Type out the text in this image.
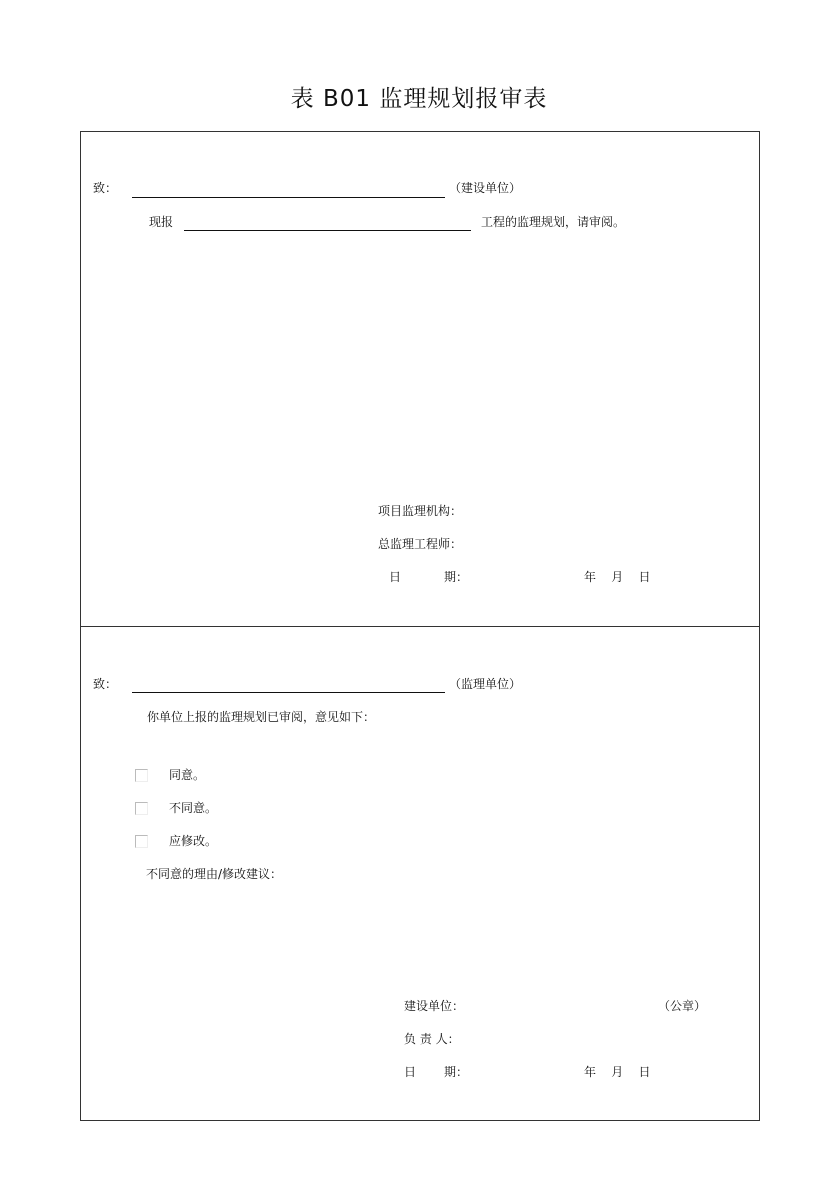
表 B01 监理规划报审表
致：	（建设单位）
现报	工程的监理规划，请审阅。
项目监理机构：
总监理工程师：
日	期：	年    月    日
致：	（监理单位）
你单位上报的监理规划已审阅，意见如下：
同意。
不同意。
应修改。
不同意的理由/修改建议：
建设单位：	（公章）
负 责 人：
日 期：	年    月    日
